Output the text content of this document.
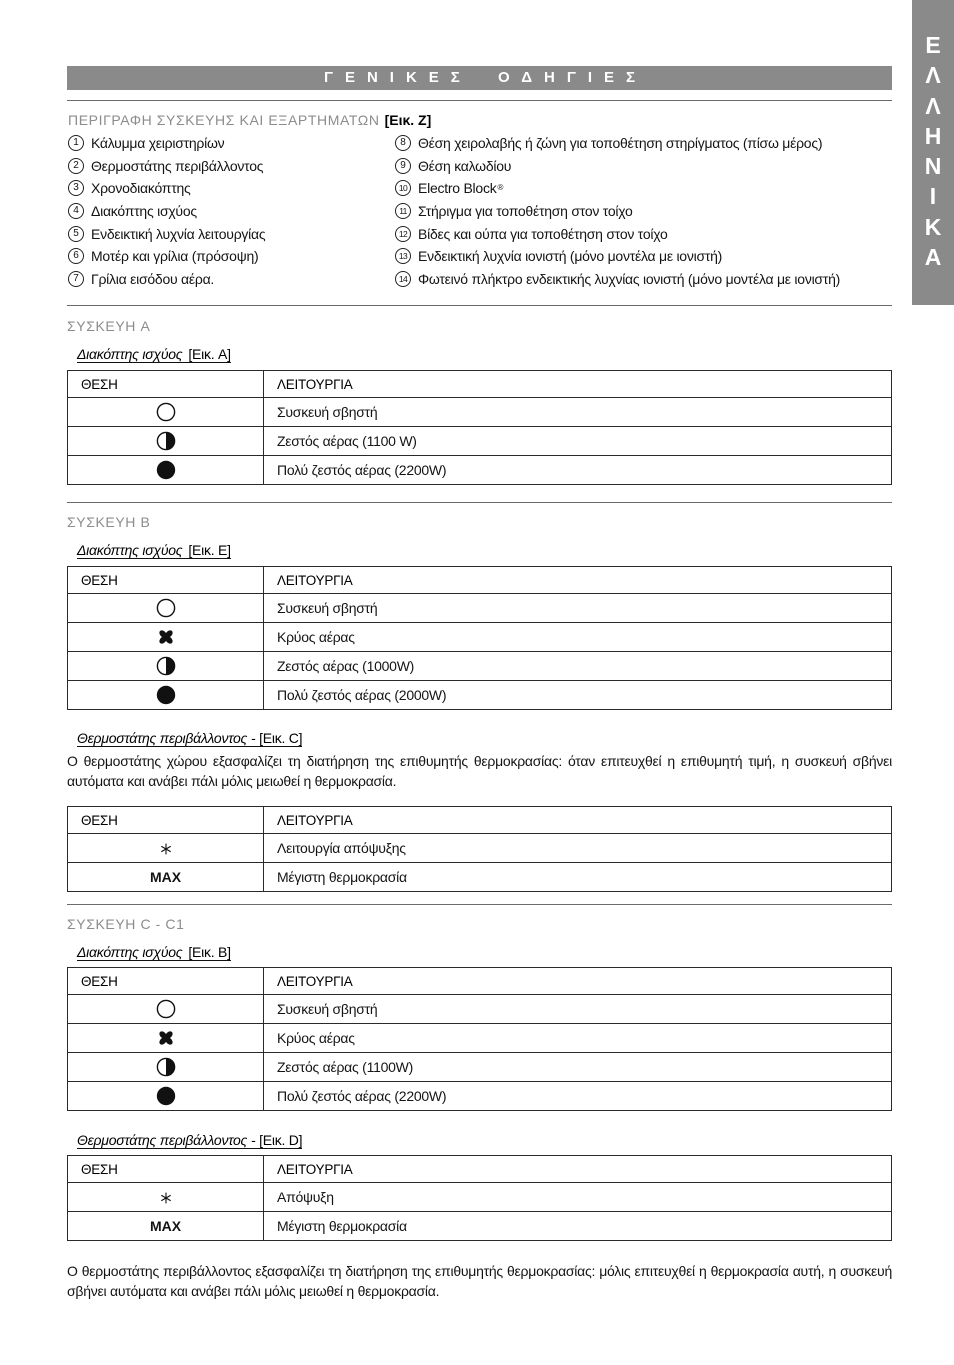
ΕΛΛΗΝΙΚΑ
ΓΕΝΙΚΕΣ ΟΔΗΓΙΕΣ
ΠΕΡΙΓΡΑΦΗ ΣΥΣΚΕΥΗΣ ΚΑΙ ΕΞΑΡΤΗΜΑΤΩΝ [Εικ. Z]
1 Κάλυμμα χειριστηρίων
2 Θερμοστάτης περιβάλλοντος
3 Χρονοδιακόπτης
4 Διακόπτης ισχύος
5 Ενδεικτική λυχνία λειτουργίας
6 Μοτέρ και γρίλια (πρόσοψη)
7 Γρίλια εισόδου αέρα.
8 Θέση χειρολαβής ή ζώνη για τοποθέτηση στηρίγματος (πίσω μέρος)
9 Θέση καλωδίου
10 Electro Block ®
11 Στήριγμα για τοποθέτηση στον τοίχο
12 Βίδες και ούπα για τοποθέτηση στον τοίχο
13 Ενδεικτική λυχνία ιονιστή (μόνο μοντέλα με ιονιστή)
14 Φωτεινό πλήκτρο ενδεικτικής λυχνίας ιονιστή (μόνο μοντέλα με ιονιστή)
ΣΥΣΚΕΥΗ A
Διακόπτης ισχύος [Εικ. A]
ΘΕΣΗ	ΛΕΙΤΟΥΡΓΙΑ

	Συσκευή σβηστή

	Ζεστός αέρας (1100 W)

	Πολύ ζεστός αέρας (2200W)
ΣΥΣΚΕΥΗ B
Διακόπτης ισχύος [Εικ. E]
ΘΕΣΗ	ΛΕΙΤΟΥΡΓΙΑ

	Συσκευή σβηστή

	Κρύος αέρας

	Ζεστός αέρας (1000W)

	Πολύ ζεστός αέρας (2000W)
Θερμοστάτης περιβάλλοντος - [Εικ. C]
Ο θερμοστάτης χώρου εξασφαλίζει τη διατήρηση της επιθυμητής θερμοκρασίας: όταν επιτευχθεί η επιθυμητή τιμή, η συσκευή σβήνει αυτόματα και ανάβει πάλι μόλις μειωθεί η θερμοκρασία.
ΘΕΣΗ	ΛΕΙΤΟΥΡΓΙΑ

	Λειτουργία απόψυξης
MAX	Μέγιστη θερμοκρασία
ΣΥΣΚΕΥΗ C - C1
Διακόπτης ισχύος [Εικ. B]
ΘΕΣΗ	ΛΕΙΤΟΥΡΓΙΑ

	Συσκευή σβηστή

	Κρύος αέρας

	Ζεστός αέρας (1100W)

	Πολύ ζεστός αέρας (2200W)
Θερμοστάτης περιβάλλοντος - [Εικ. D]
ΘΕΣΗ	ΛΕΙΤΟΥΡΓΙΑ

	Απόψυξη
MAX	Μέγιστη θερμοκρασία
Ο θερμοστάτης περιβάλλοντος εξασφαλίζει τη διατήρηση της επιθυμητής θερμοκρασίας: μόλις επιτευχθεί η θερμοκρασία αυτή, η συσκευή σβήνει αυτόματα και ανάβει πάλι μόλις μειωθεί η θερμοκρασία.
